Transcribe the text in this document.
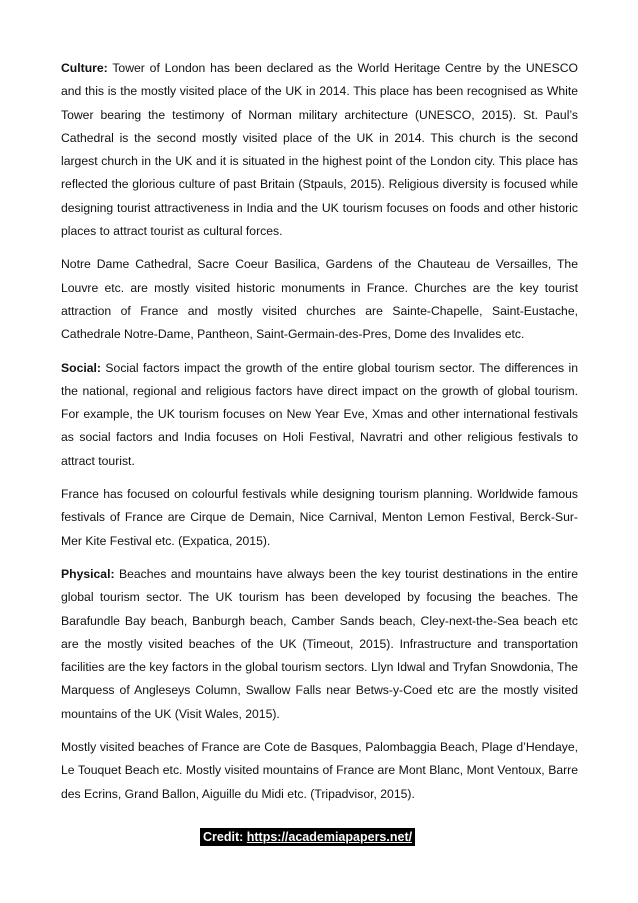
Culture: Tower of London has been declared as the World Heritage Centre by the UNESCO and this is the mostly visited place of the UK in 2014. This place has been recognised as White Tower bearing the testimony of Norman military architecture (UNESCO, 2015). St. Paul’s Cathedral is the second mostly visited place of the UK in 2014. This church is the second largest church in the UK and it is situated in the highest point of the London city. This place has reflected the glorious culture of past Britain (Stpauls, 2015). Religious diversity is focused while designing tourist attractiveness in India and the UK tourism focuses on foods and other historic places to attract tourist as cultural forces.

Notre Dame Cathedral, Sacre Coeur Basilica, Gardens of the Chauteau de Versailles, The Louvre etc. are mostly visited historic monuments in France. Churches are the key tourist attraction of France and mostly visited churches are Sainte-Chapelle, Saint-Eustache, Cathedrale Notre-Dame, Pantheon, Saint-Germain-des-Pres, Dome des Invalides etc.

Social: Social factors impact the growth of the entire global tourism sector. The differences in the national, regional and religious factors have direct impact on the growth of global tourism. For example, the UK tourism focuses on New Year Eve, Xmas and other international festivals as social factors and India focuses on Holi Festival, Navratri and other religious festivals to attract tourist.

France has focused on colourful festivals while designing tourism planning. Worldwide famous festivals of France are Cirque de Demain, Nice Carnival, Menton Lemon Festival, Berck-Sur-Mer Kite Festival etc. (Expatica, 2015).

Physical: Beaches and mountains have always been the key tourist destinations in the entire global tourism sector. The UK tourism has been developed by focusing the beaches. The Barafundle Bay beach, Banburgh beach, Camber Sands beach, Cley-next-the-Sea beach etc are the mostly visited beaches of the UK (Timeout, 2015). Infrastructure and transportation facilities are the key factors in the global tourism sectors. Llyn Idwal and Tryfan Snowdonia, The Marquess of Angleseys Column, Swallow Falls near Betws-y-Coed etc are the mostly visited mountains of the UK (Visit Wales, 2015).

Mostly visited beaches of France are Cote de Basques, Palombaggia Beach, Plage d’Hendaye, Le Touquet Beach etc. Mostly visited mountains of France are Mont Blanc, Mont Ventoux, Barre des Ecrins, Grand Ballon, Aiguille du Midi etc. (Tripadvisor, 2015).

Credit: https://academiapapers.net/
